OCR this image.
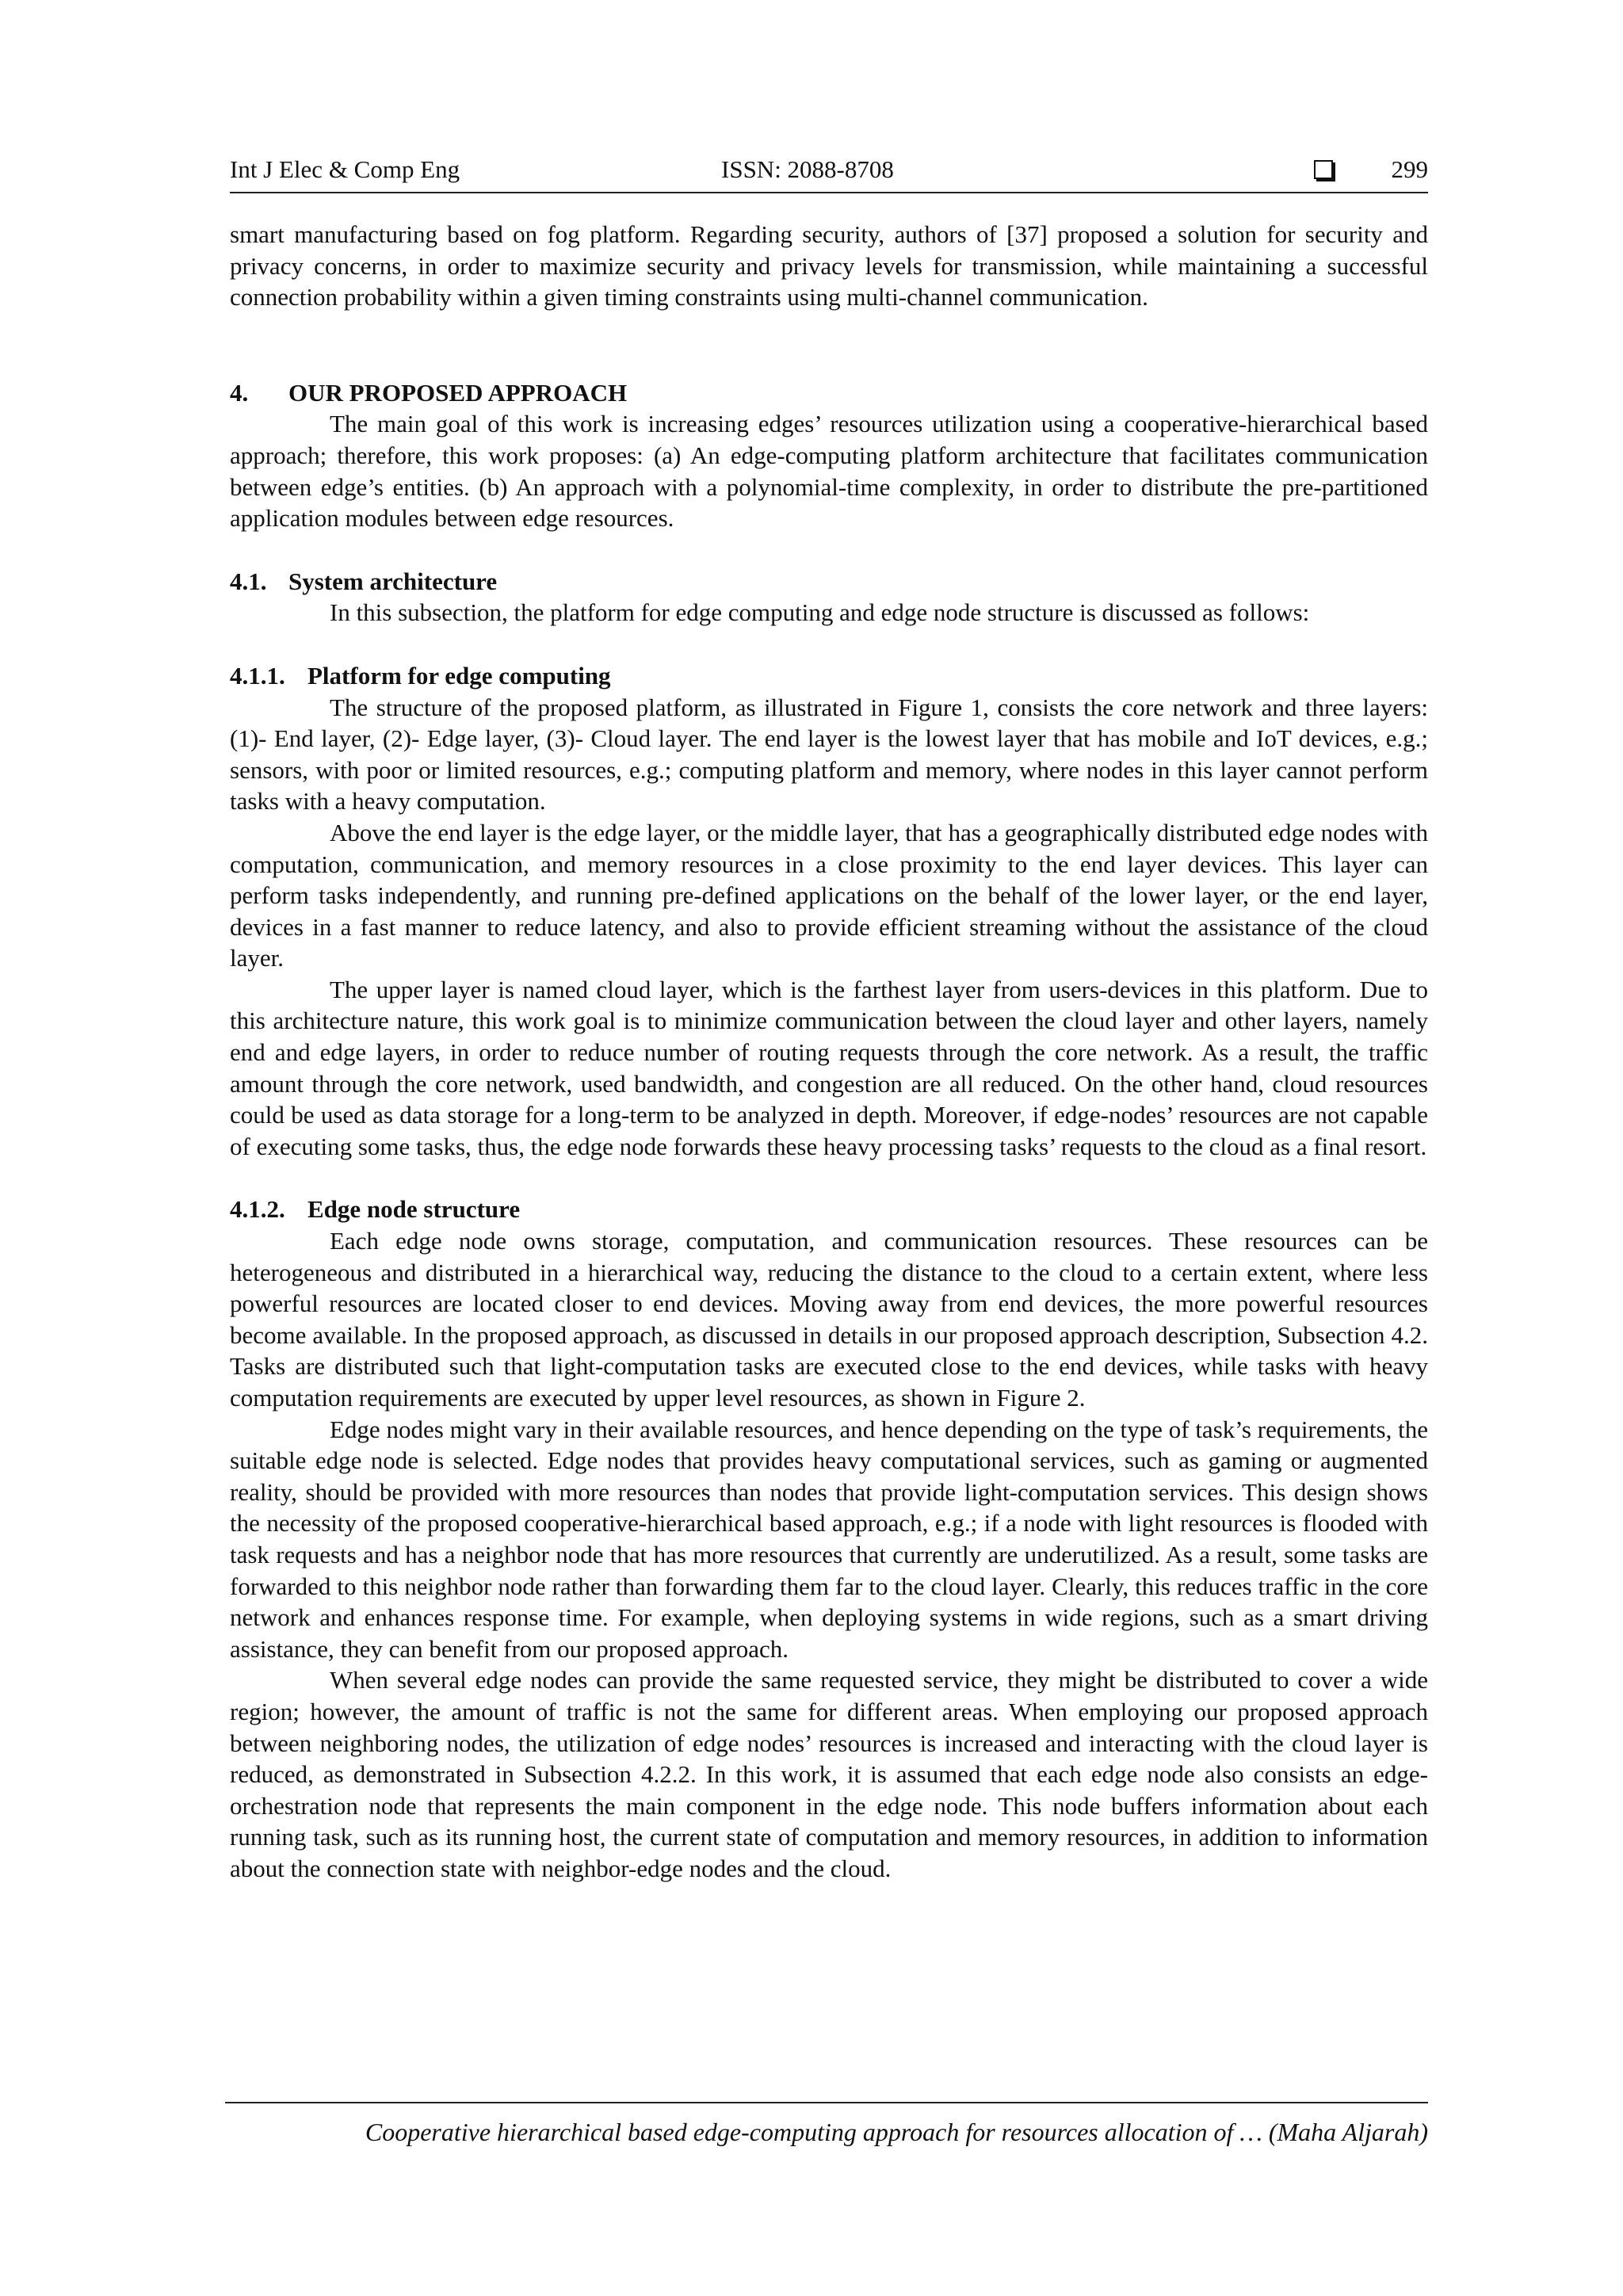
Int J Elec & Comp Eng	ISSN: 2088-8708	299

smart manufacturing based on fog platform. Regarding security, authors of [37] proposed a solution for security and privacy concerns, in order to maximize security and privacy levels for transmission, while maintaining a successful connection probability within a given timing constraints using multi-channel communication.

4. OUR PROPOSED APPROACH

The main goal of this work is increasing edges’ resources utilization using a cooperative-hierarchical based approach; therefore, this work proposes: (a) An edge-computing platform architecture that facilitates communication between edge’s entities. (b) An approach with a polynomial-time complexity, in order to distribute the pre-partitioned application modules between edge resources.

4.1. System architecture

In this subsection, the platform for edge computing and edge node structure is discussed as follows:

4.1.1. Platform for edge computing

The structure of the proposed platform, as illustrated in Figure 1, consists the core network and three layers: (1)- End layer, (2)- Edge layer, (3)- Cloud layer. The end layer is the lowest layer that has mobile and IoT devices, e.g.; sensors, with poor or limited resources, e.g.; computing platform and memory, where nodes in this layer cannot perform tasks with a heavy computation.

Above the end layer is the edge layer, or the middle layer, that has a geographically distributed edge nodes with computation, communication, and memory resources in a close proximity to the end layer devices. This layer can perform tasks independently, and running pre-defined applications on the behalf of the lower layer, or the end layer, devices in a fast manner to reduce latency, and also to provide efficient streaming without the assistance of the cloud layer.

The upper layer is named cloud layer, which is the farthest layer from users-devices in this platform. Due to this architecture nature, this work goal is to minimize communication between the cloud layer and other layers, namely end and edge layers, in order to reduce number of routing requests through the core network. As a result, the traffic amount through the core network, used bandwidth, and congestion are all reduced. On the other hand, cloud resources could be used as data storage for a long-term to be analyzed in depth. Moreover, if edge-nodes’ resources are not capable of executing some tasks, thus, the edge node forwards these heavy processing tasks’ requests to the cloud as a final resort.

4.1.2. Edge node structure

Each edge node owns storage, computation, and communication resources. These resources can be heterogeneous and distributed in a hierarchical way, reducing the distance to the cloud to a certain extent, where less powerful resources are located closer to end devices. Moving away from end devices, the more powerful resources become available. In the proposed approach, as discussed in details in our proposed approach description, Subsection 4.2. Tasks are distributed such that light-computation tasks are executed close to the end devices, while tasks with heavy computation requirements are executed by upper level resources, as shown in Figure 2.

Edge nodes might vary in their available resources, and hence depending on the type of task’s requirements, the suitable edge node is selected. Edge nodes that provides heavy computational services, such as gaming or augmented reality, should be provided with more resources than nodes that provide light-computation services. This design shows the necessity of the proposed cooperative-hierarchical based approach, e.g.; if a node with light resources is flooded with task requests and has a neighbor node that has more resources that currently are underutilized. As a result, some tasks are forwarded to this neighbor node rather than forwarding them far to the cloud layer. Clearly, this reduces traffic in the core network and enhances response time. For example, when deploying systems in wide regions, such as a smart driving assistance, they can benefit from our proposed approach.

When several edge nodes can provide the same requested service, they might be distributed to cover a wide region; however, the amount of traffic is not the same for different areas. When employing our proposed approach between neighboring nodes, the utilization of edge nodes’ resources is increased and interacting with the cloud layer is reduced, as demonstrated in Subsection 4.2.2. In this work, it is assumed that each edge node also consists an edge-orchestration node that represents the main component in the edge node. This node buffers information about each running task, such as its running host, the current state of computation and memory resources, in addition to information about the connection state with neighbor-edge nodes and the cloud.

Cooperative hierarchical based edge-computing approach for resources allocation of … (Maha Aljarah)
